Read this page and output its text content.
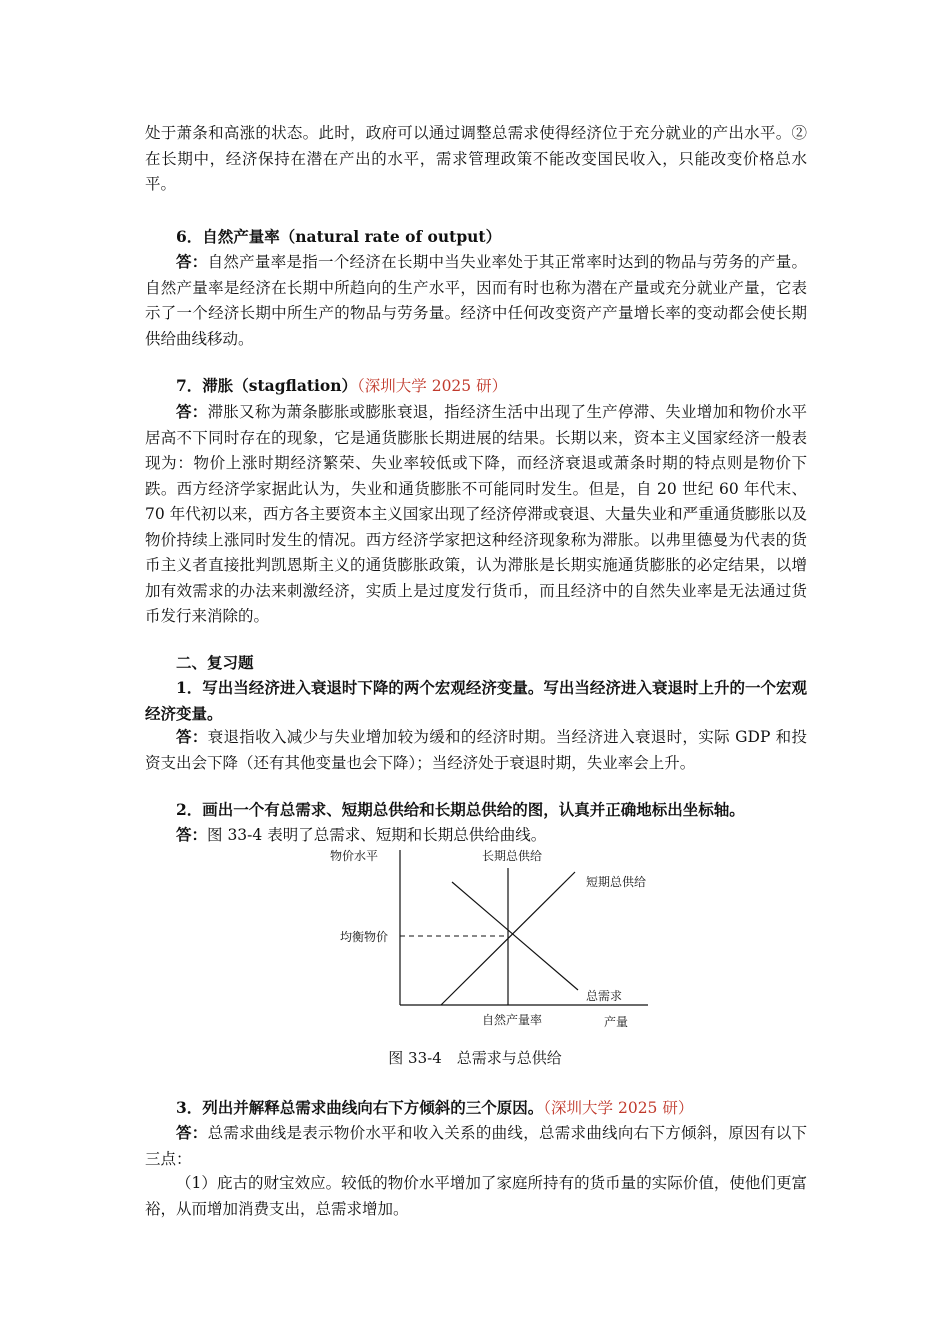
处于萧条和高涨的状态。此时，政府可以通过调整总需求使得经济位于充分就业的产出水平。②在长期中，经济保持在潜在产出的水平，需求管理政策不能改变国民收入，只能改变价格总水平。
6．自然产量率（natural rate of output）
答：自然产量率是指一个经济在长期中当失业率处于其正常率时达到的物品与劳务的产量。自然产量率是经济在长期中所趋向的生产水平，因而有时也称为潜在产量或充分就业产量，它表示了一个经济长期中所生产的物品与劳务量。经济中任何改变资产产量增长率的变动都会使长期供给曲线移动。
7．滞胀（stagflation）（深圳大学 2025 研）
答：滞胀又称为萧条膨胀或膨胀衰退，指经济生活中出现了生产停滞、失业增加和物价水平居高不下同时存在的现象，它是通货膨胀长期进展的结果。长期以来，资本主义国家经济一般表现为：物价上涨时期经济繁荣、失业率较低或下降，而经济衰退或萧条时期的特点则是物价下跌。西方经济学家据此认为，失业和通货膨胀不可能同时发生。但是，自 20 世纪 60 年代末、70 年代初以来，西方各主要资本主义国家出现了经济停滞或衰退、大量失业和严重通货膨胀以及物价持续上涨同时发生的情况。西方经济学家把这种经济现象称为滞胀。以弗里德曼为代表的货币主义者直接批判凯恩斯主义的通货膨胀政策，认为滞胀是长期实施通货膨胀的必定结果，以增加有效需求的办法来刺激经济，实质上是过度发行货币，而且经济中的自然失业率是无法通过货币发行来消除的。
二、复习题
1．写出当经济进入衰退时下降的两个宏观经济变量。写出当经济进入衰退时上升的一个宏观经济变量。
答：衰退指收入减少与失业增加较为缓和的经济时期。当经济进入衰退时，实际 GDP 和投资支出会下降（还有其他变量也会下降）；当经济处于衰退时期，失业率会上升。
2．画出一个有总需求、短期总供给和长期总供给的图，认真并正确地标出坐标轴。
答：图 33-4 表明了总需求、短期和长期总供给曲线。
物价水平	长期总供给
短期总供给
均衡物价
总需求
自然产量率	产量
图 33-4　总需求与总供给
3．列出并解释总需求曲线向右下方倾斜的三个原因。（深圳大学 2025 研）
答：总需求曲线是表示物价水平和收入关系的曲线，总需求曲线向右下方倾斜，原因有以下三点：
（1）庇古的财宝效应。较低的物价水平增加了家庭所持有的货币量的实际价值，使他们更富裕，从而增加消费支出，总需求增加。
